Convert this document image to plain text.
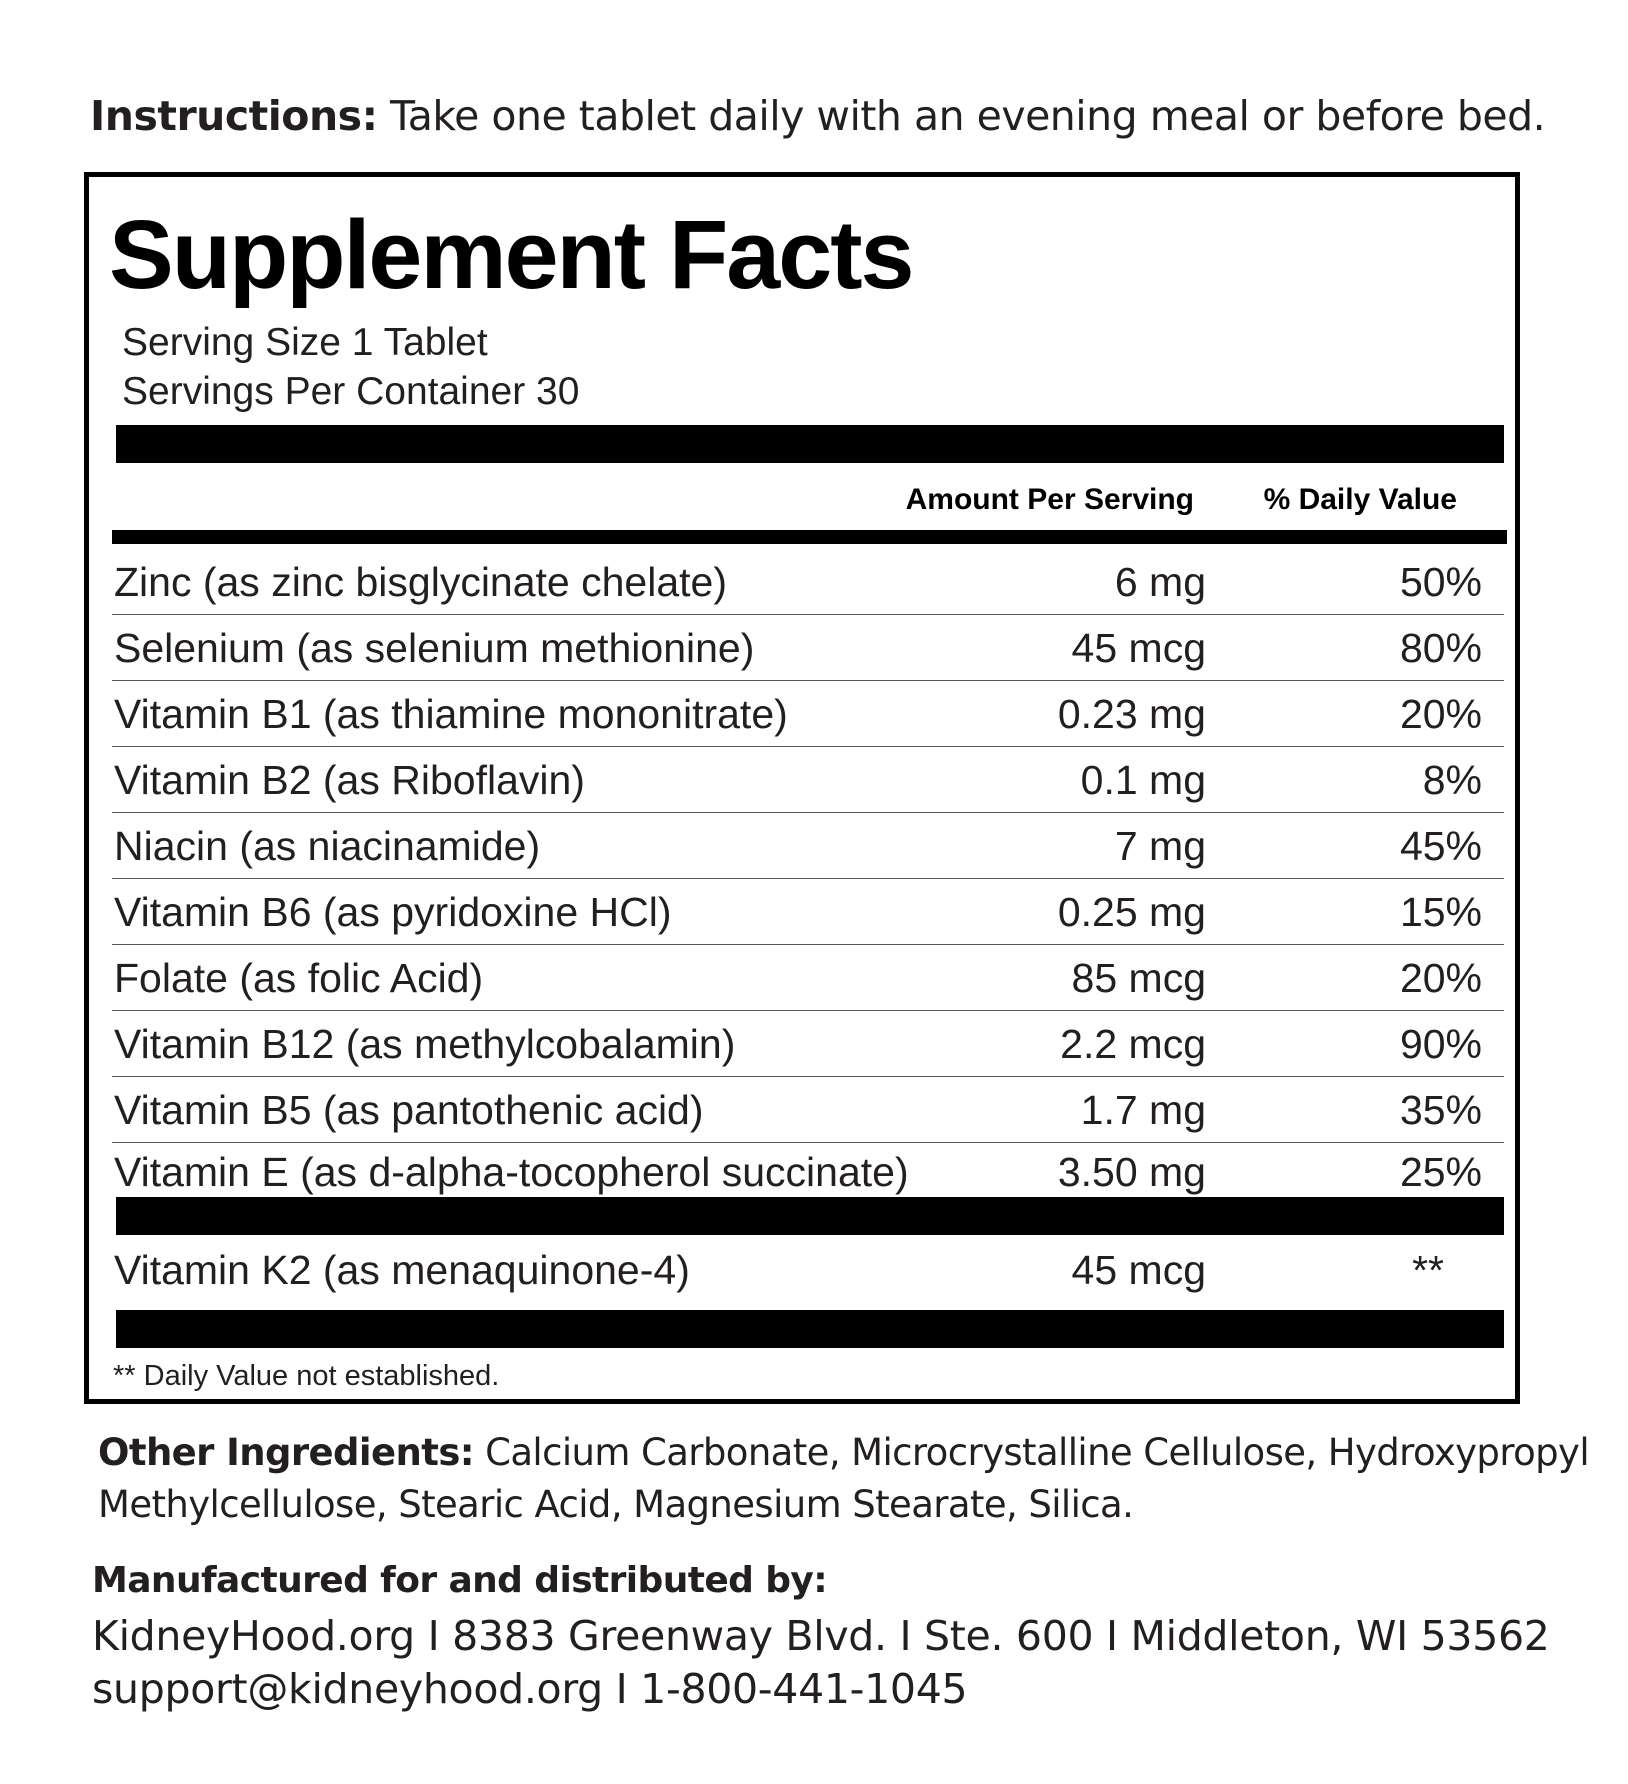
Instructions: Take one tablet daily with an evening meal or before bed.
Supplement Facts
Serving Size 1 Tablet
Servings Per Container 30
Amount Per Serving % Daily Value
Zinc (as zinc bisglycinate chelate)	6 mg	50%
Selenium (as selenium methionine)	45 mcg	80%
Vitamin B1 (as thiamine mononitrate)	0.23 mg	20%
Vitamin B2 (as Riboflavin)	0.1 mg	8%
Niacin (as niacinamide)	7 mg	45%
Vitamin B6 (as pyridoxine HCl)	0.25 mg	15%
Folate (as folic Acid)	85 mcg	20%
Vitamin B12 (as methylcobalamin)	2.2 mcg	90%
Vitamin B5 (as pantothenic acid)	1.7 mg	35%
Vitamin E (as d-alpha-tocopherol succinate)	3.50 mg	25%
Vitamin K2 (as menaquinone-4)	45 mcg	**
** Daily Value not established.
Other Ingredients: Calcium Carbonate, Microcrystalline Cellulose, Hydroxypropyl Methylcellulose, Stearic Acid, Magnesium Stearate, Silica.
Manufactured for and distributed by:
KidneyHood.org I 8383 Greenway Blvd. I Ste. 600 I Middleton, WI 53562
support@kidneyhood.org I 1-800-441-1045
